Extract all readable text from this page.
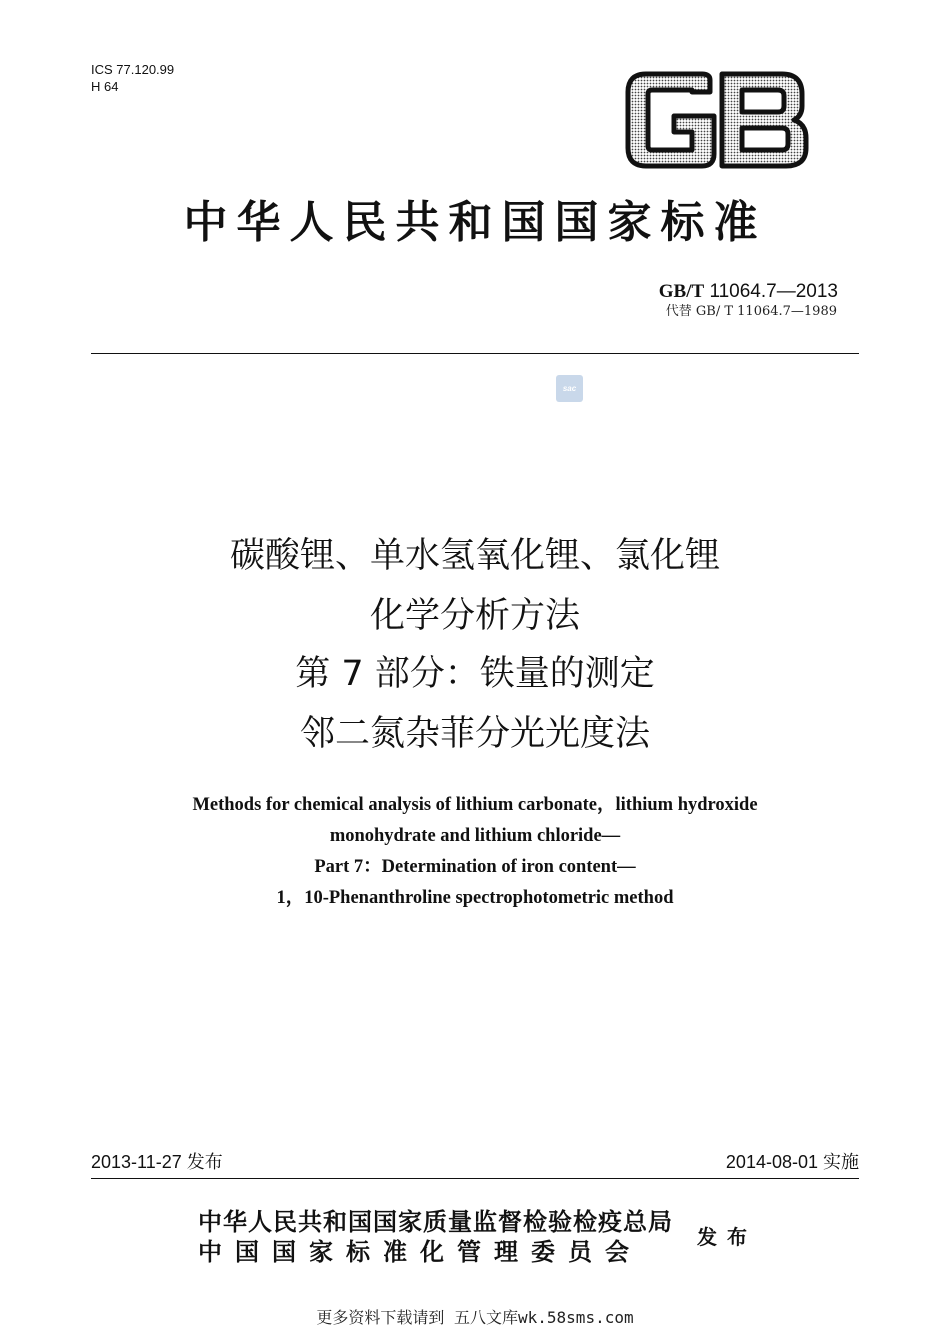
ICS 77.120.99
H 64
中华人民共和国国家标准
GB/T 11064.7—2013
代替 GB/ T 11064.7—1989
sac
碳酸锂、单水氢氧化锂、氯化锂
化学分析方法
第 7 部分：铁量的测定
邻二氮杂菲分光光度法
Methods for chemical analysis of lithium carbonate，lithium hydroxide
monohydrate and lithium chloride—
Part 7：Determination of iron content—
1，10-Phenanthroline spectrophotometric method
2013-11-27 发布	2014-08-01 实施
中华人民共和国国家质量监督检验检疫总局
中国国家标准化管理委员会	发布
更多资料下载请到 五八文库wk.58sms.com
